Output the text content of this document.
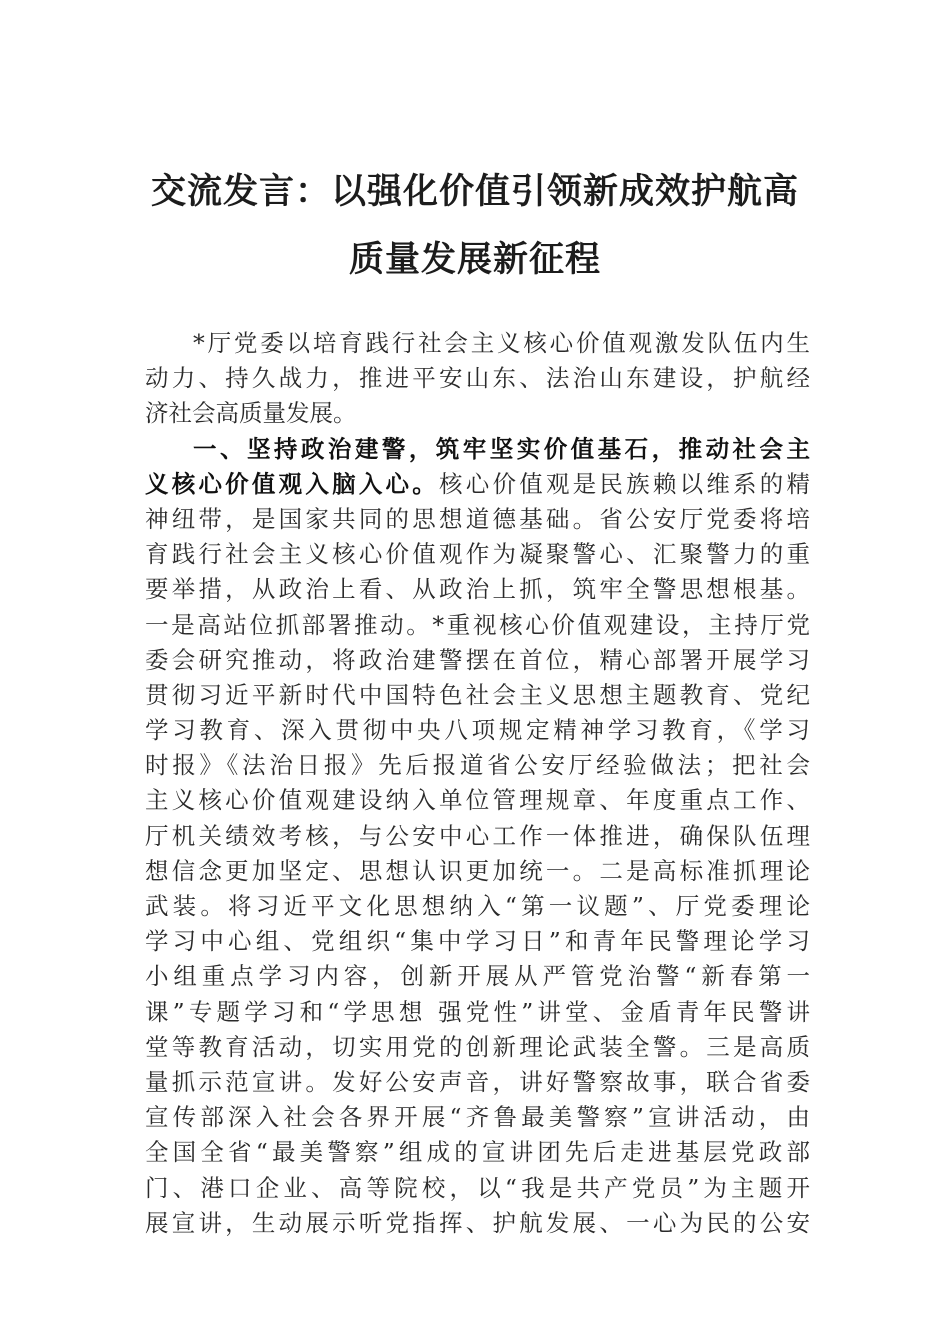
交流发言：以强化价值引领新成效护航高
质量发展新征程
*厅党委以培育践行社会主义核心价值观激发队伍内生
动力、持久战力，推进平安山东、法治山东建设，护航经
济社会高质量发展。
一、坚持政治建警，筑牢坚实价值基石，推动社会主
义核心价值观入脑入心。核心价值观是民族赖以维系的精
神纽带，是国家共同的思想道德基础。省公安厅党委将培
育践行社会主义核心价值观作为凝聚警心、汇聚警力的重
要举措，从政治上看、从政治上抓，筑牢全警思想根基。
一是高站位抓部署推动。*重视核心价值观建设，主持厅党
委会研究推动，将政治建警摆在首位，精心部署开展学习
贯彻习近平新时代中国特色社会主义思想主题教育、党纪
学习教育、深入贯彻中央八项规定精神学习教育，《学习
时报》《法治日报》先后报道省公安厅经验做法；把社会
主义核心价值观建设纳入单位管理规章、年度重点工作、
厅机关绩效考核，与公安中心工作一体推进，确保队伍理
想信念更加坚定、思想认识更加统一。二是高标准抓理论
武装。将习近平文化思想纳入“第一议题”、厅党委理论
学习中心组、党组织“集中学习日”和青年民警理论学习
小组重点学习内容，创新开展从严管党治警“新春第一
课”专题学习和“学思想 强党性”讲堂、金盾青年民警讲
堂等教育活动，切实用党的创新理论武装全警。三是高质
量抓示范宣讲。发好公安声音，讲好警察故事，联合省委
宣传部深入社会各界开展“齐鲁最美警察”宣讲活动，由
全国全省“最美警察”组成的宣讲团先后走进基层党政部
门、港口企业、高等院校，以“我是共产党员”为主题开
展宣讲，生动展示听党指挥、护航发展、一心为民的公安
